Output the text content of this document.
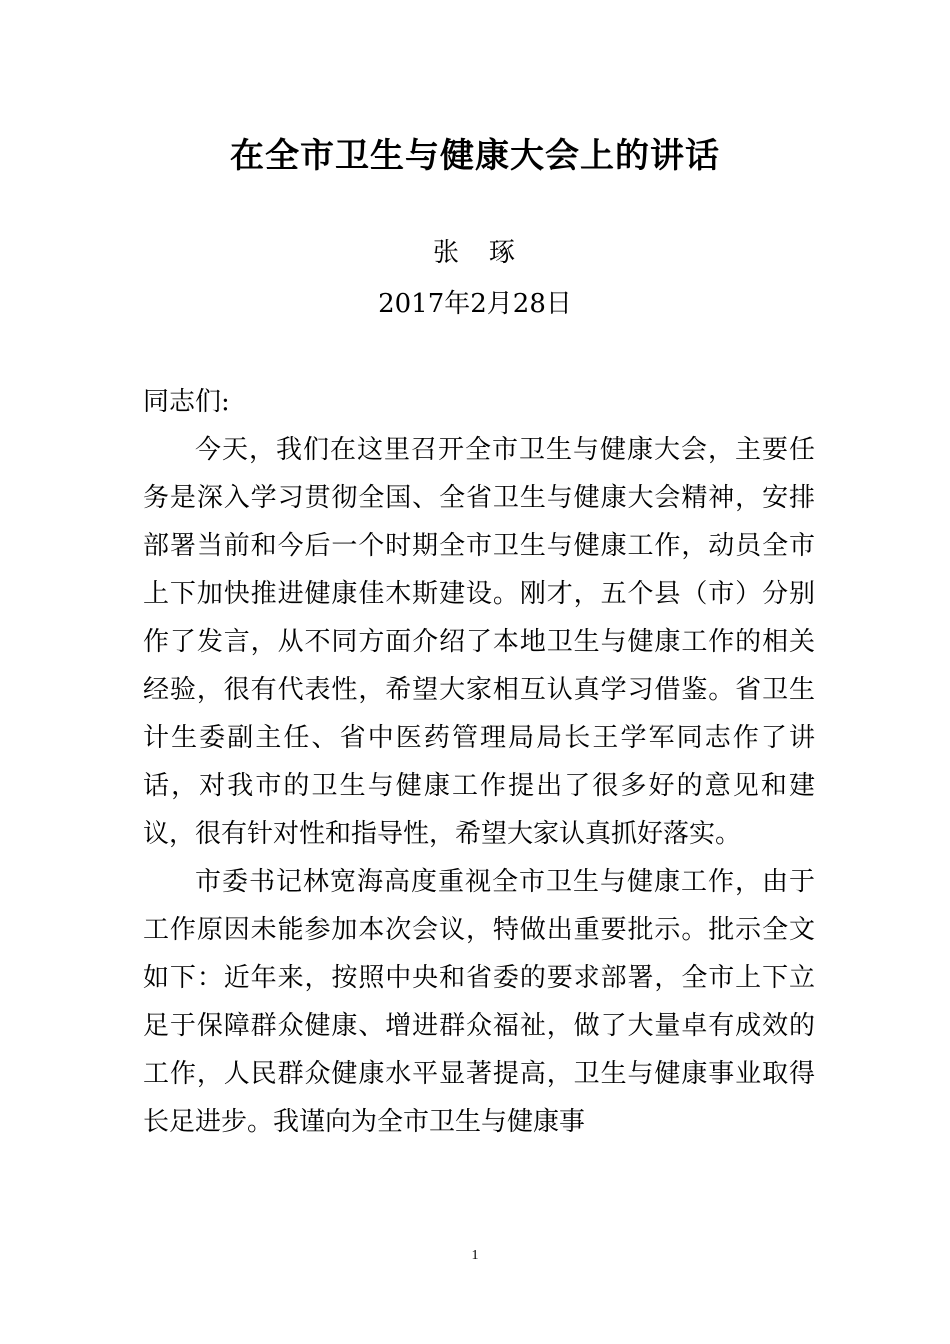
在全市卫生与健康大会上的讲话
张　琢
2017年2月28日

同志们:

今天，我们在这里召开全市卫生与健康大会，主要任务是深入学习贯彻全国、全省卫生与健康大会精神，安排部署当前和今后一个时期全市卫生与健康工作，动员全市上下加快推进健康佳木斯建设。刚才，五个县（市）分别作了发言，从不同方面介绍了本地卫生与健康工作的相关经验，很有代表性，希望大家相互认真学习借鉴。省卫生计生委副主任、省中医药管理局局长王学军同志作了讲话，对我市的卫生与健康工作提出了很多好的意见和建议，很有针对性和指导性，希望大家认真抓好落实。

市委书记林宽海高度重视全市卫生与健康工作，由于工作原因未能参加本次会议，特做出重要批示。批示全文如下：近年来，按照中央和省委的要求部署，全市上下立足于保障群众健康、增进群众福祉，做了大量卓有成效的工作，人民群众健康水平显著提高，卫生与健康事业取得长足进步。我谨向为全市卫生与健康事

1
